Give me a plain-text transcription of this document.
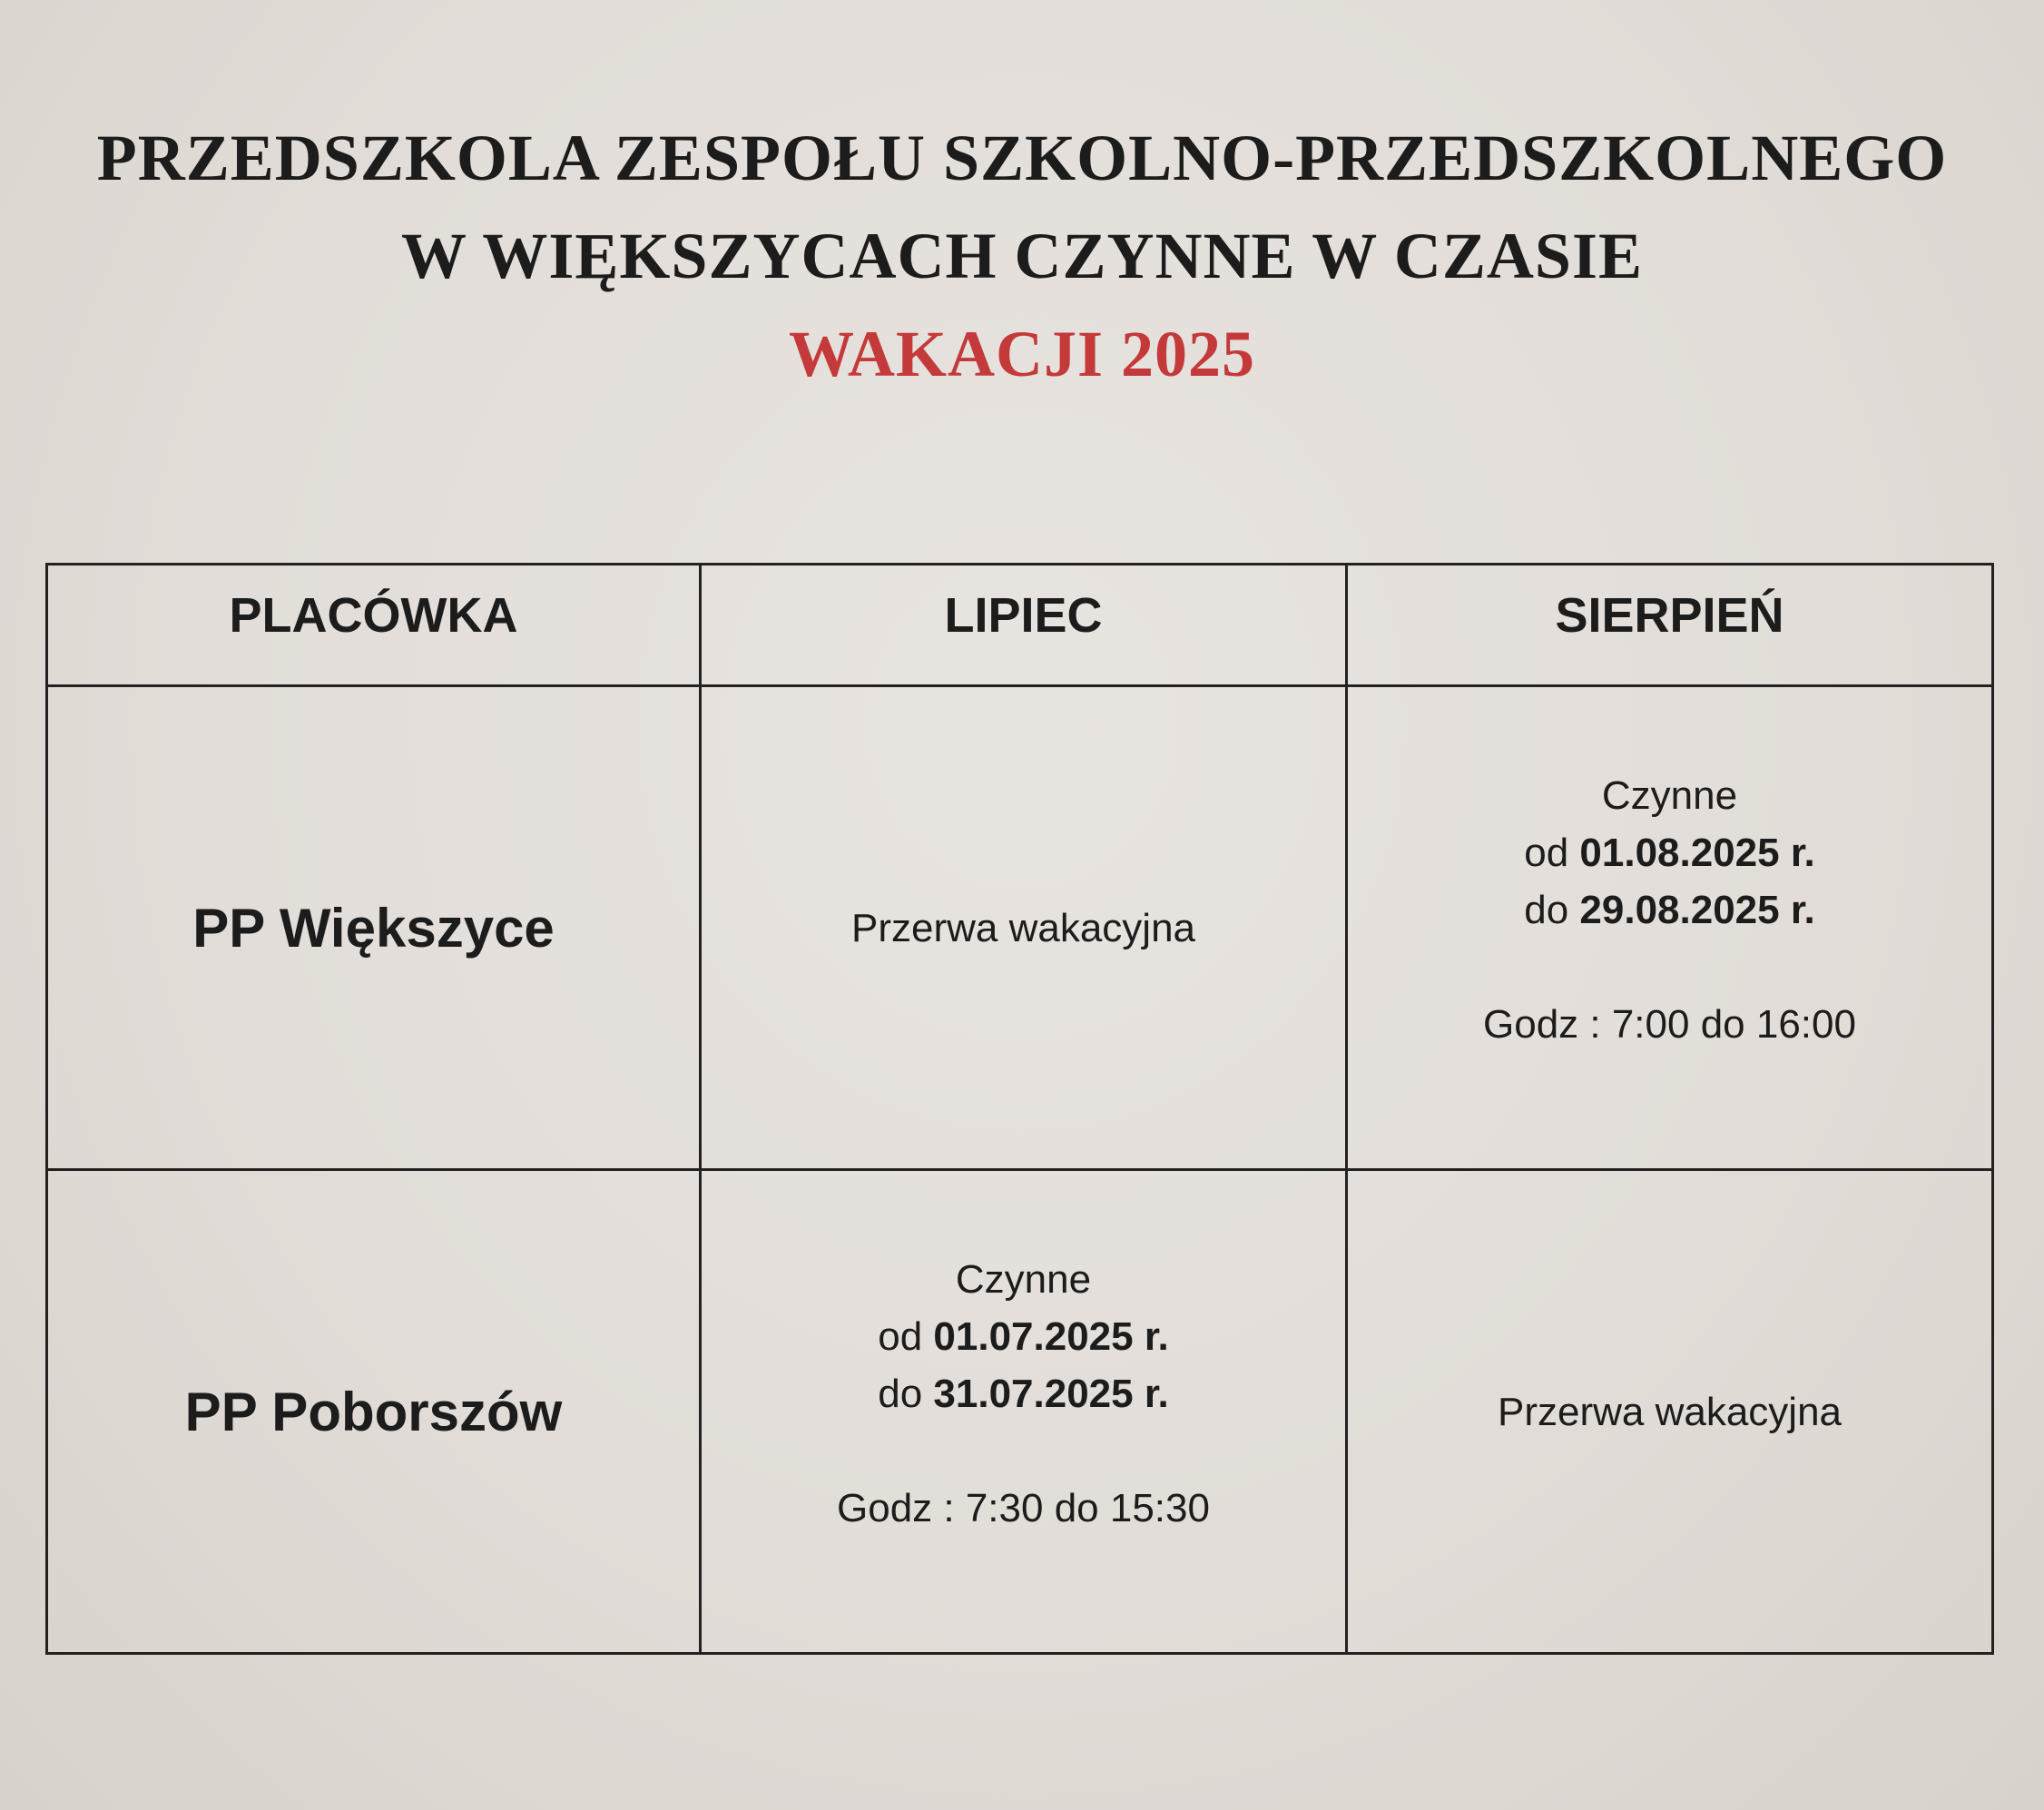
PRZEDSZKOLA ZESPOŁU SZKOLNO-PRZEDSZKOLNEGO
W WIĘKSZYCACH CZYNNE W CZASIE
WAKACJI 2025
PLACÓWKA	LIPIEC	SIERPIEŃ
PP Większyce	Przerwa wakacyjna	Czynne
od 01.08.2025 r.
do 29.08.2025 r.
Godz : 7:00 do 16:00

PP Poborszów	Czynne
od 01.07.2025 r.
do 31.07.2025 r.
Godz : 7:30 do 15:30	Przerwa wakacyjna
